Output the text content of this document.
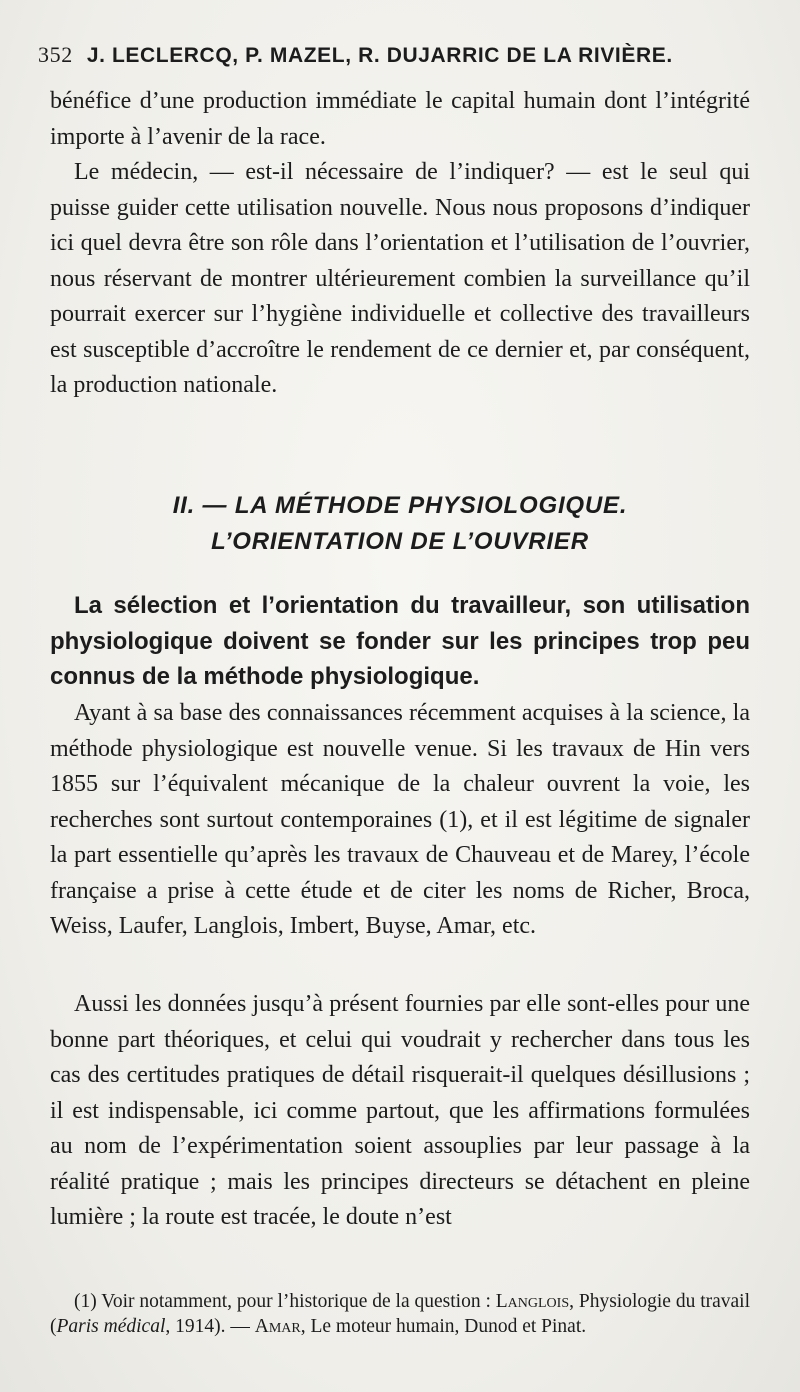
352 J. LECLERCQ, P. MAZEL, R. DUJARRIC DE LA RIVIÈRE.
bénéfice d’une production immédiate le capital humain dont l’intégrité importe à l’avenir de la race.
Le médecin, — est-il nécessaire de l’indiquer? — est le seul qui puisse guider cette utilisation nouvelle. Nous nous proposons d’indiquer ici quel devra être son rôle dans l’orientation et l’utilisation de l’ouvrier, nous réservant de montrer ultérieurement combien la surveillance qu’il pourrait exercer sur l’hygiène individuelle et collective des travailleurs est susceptible d’accroître le rendement de ce dernier et, par conséquent, la production nationale.
II. — LA MÉTHODE PHYSIOLOGIQUE.
L’ORIENTATION DE L’OUVRIER
La sélection et l’orientation du travailleur, son utilisation physiologique doivent se fonder sur les principes trop peu connus de la méthode physiologique.
Ayant à sa base des connaissances récemment acquises à la science, la méthode physiologique est nouvelle venue. Si les travaux de Hin vers 1855 sur l’équivalent mécanique de la chaleur ouvrent la voie, les recherches sont surtout contemporaines (1), et il est légitime de signaler la part essentielle qu’après les travaux de Chauveau et de Marey, l’école française a prise à cette étude et de citer les noms de Richer, Broca, Weiss, Laufer, Langlois, Imbert, Buyse, Amar, etc.
Aussi les données jusqu’à présent fournies par elle sont-elles pour une bonne part théoriques, et celui qui voudrait y rechercher dans tous les cas des certitudes pratiques de détail risquerait-il quelques désillusions ; il est indispensable, ici comme partout, que les affirmations formulées au nom de l’expérimentation soient assouplies par leur passage à la réalité pratique ; mais les principes directeurs se détachent en pleine lumière ; la route est tracée, le doute n’est
(1) Voir notamment, pour l’historique de la question : Langlois, Physiologie du travail (Paris médical, 1914). — Amar, Le moteur humain, Dunod et Pinat.
